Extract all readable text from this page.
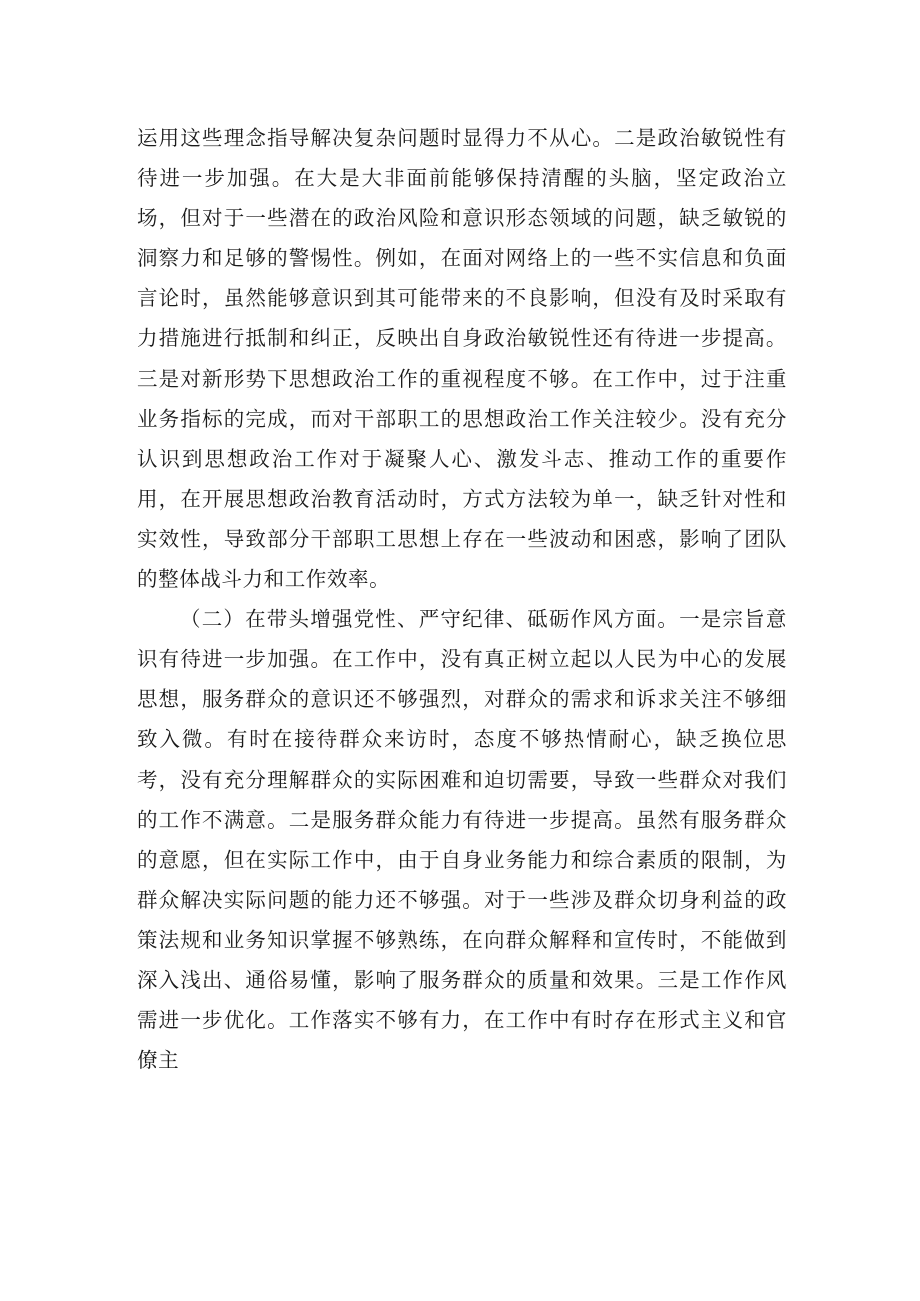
运用这些理念指导解决复杂问题时显得力不从心。二是政治敏锐性有待进一步加强。在大是大非面前能够保持清醒的头脑，坚定政治立场，但对于一些潜在的政治风险和意识形态领域的问题，缺乏敏锐的洞察力和足够的警惕性。例如，在面对网络上的一些不实信息和负面言论时，虽然能够意识到其可能带来的不良影响，但没有及时采取有力措施进行抵制和纠正，反映出自身政治敏锐性还有待进一步提高。三是对新形势下思想政治工作的重视程度不够。在工作中，过于注重业务指标的完成，而对干部职工的思想政治工作关注较少。没有充分认识到思想政治工作对于凝聚人心、激发斗志、推动工作的重要作用，在开展思想政治教育活动时，方式方法较为单一，缺乏针对性和实效性，导致部分干部职工思想上存在一些波动和困惑，影响了团队的整体战斗力和工作效率。

（二）在带头增强党性、严守纪律、砥砺作风方面。一是宗旨意识有待进一步加强。在工作中，没有真正树立起以人民为中心的发展思想，服务群众的意识还不够强烈，对群众的需求和诉求关注不够细致入微。有时在接待群众来访时，态度不够热情耐心，缺乏换位思考，没有充分理解群众的实际困难和迫切需要，导致一些群众对我们的工作不满意。二是服务群众能力有待进一步提高。虽然有服务群众的意愿，但在实际工作中，由于自身业务能力和综合素质的限制，为群众解决实际问题的能力还不够强。对于一些涉及群众切身利益的政策法规和业务知识掌握不够熟练，在向群众解释和宣传时，不能做到深入浅出、通俗易懂，影响了服务群众的质量和效果。三是工作作风需进一步优化。工作落实不够有力，在工作中有时存在形式主义和官僚主
